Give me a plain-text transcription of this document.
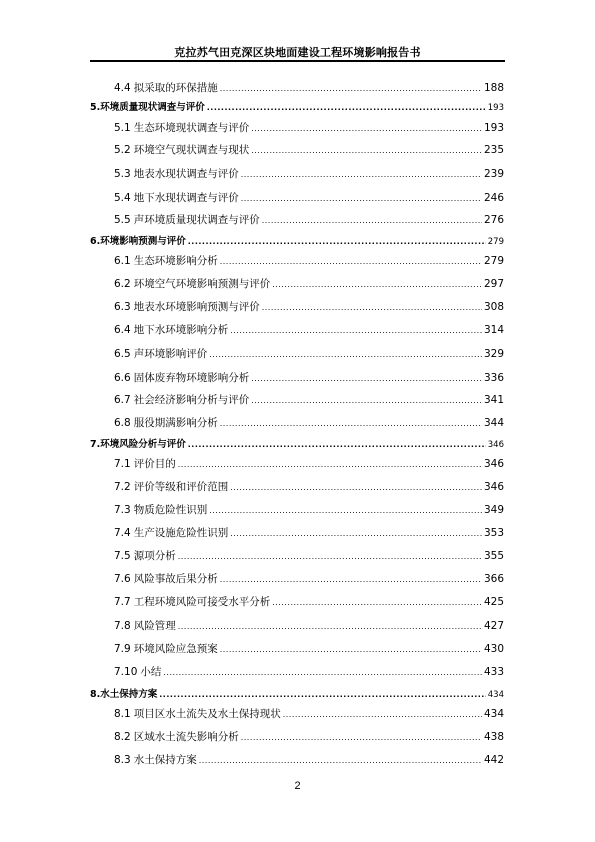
克拉苏气田克深区块地面建设工程环境影响报告书
4.4 拟采取的环保措施 .....	188
5. 环境质量现状调查与评价 .....	193
5.1 生态环境现状调查与评价 .....	193
5.2 环境空气现状调查与现状 .....	235
5.3 地表水现状调查与评价 .....	239
5.4 地下水现状调查与评价 .....	246
5.5 声环境质量现状调查与评价 .....	276
6. 环境影响预测与评价 .....	279
6.1 生态环境影响分析 .....	279
6.2 环境空气环境影响预测与评价 .....	297
6.3 地表水环境影响预测与评价 .....	308
6.4 地下水环境影响分析 .....	314
6.5 声环境影响评价 .....	329
6.6 固体废弃物环境影响分析 .....	336
6.7 社会经济影响分析与评价 .....	341
6.8 服役期满影响分析 .....	344
7. 环境风险分析与评价 .....	346
7.1 评价目的 .....	346
7.2 评价等级和评价范围 .....	346
7.3 物质危险性识别 .....	349
7.4 生产设施危险性识别 .....	353
7.5 源项分析 .....	355
7.6 风险事故后果分析 .....	366
7.7 工程环境风险可接受水平分析 .....	425
7.8 风险管理 .....	427
7.9 环境风险应急预案 .....	430
7.10 小结 .....	433
8. 水土保持方案 .....	434
8.1 项目区水土流失及水土保持现状 .....	434
8.2 区域水土流失影响分析 .....	438
8.3 水土保持方案 .....	442
2
